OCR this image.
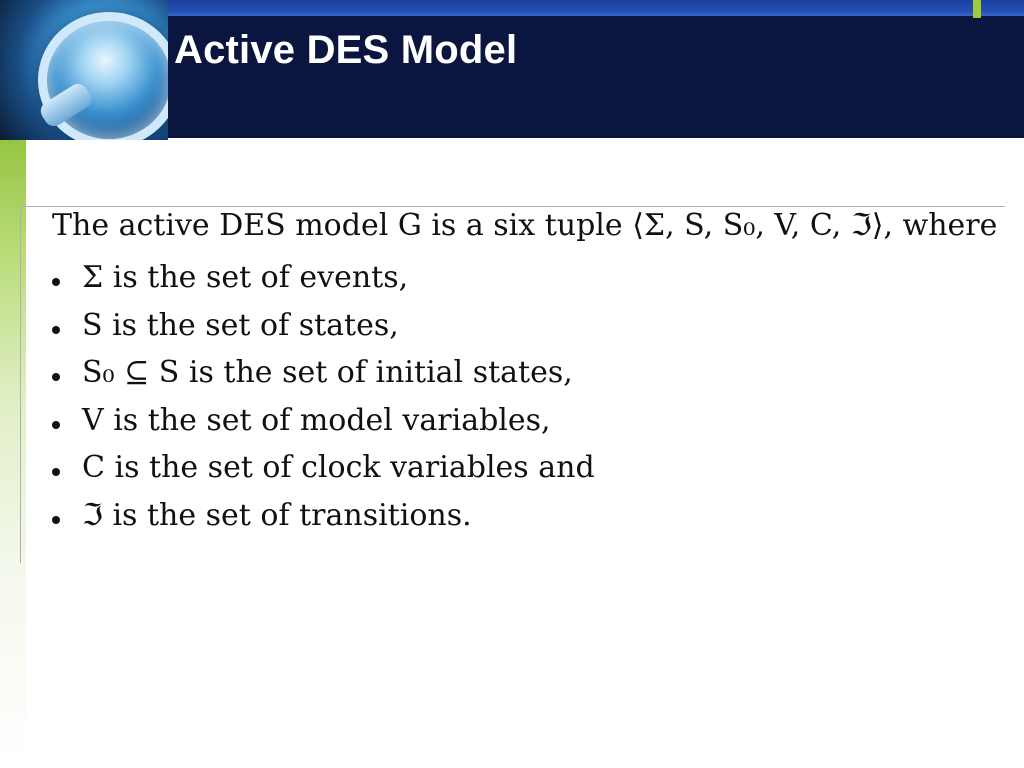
Active DES Model
The active DES model G is a six tuple ⟨Σ, S, S₀, V, C, ℑ⟩, where
Σ is the set of events,
S is the set of states,
S₀ ⊆ S is the set of initial states,
V is the set of model variables,
C is the set of clock variables and
ℑ is the set of transitions.
